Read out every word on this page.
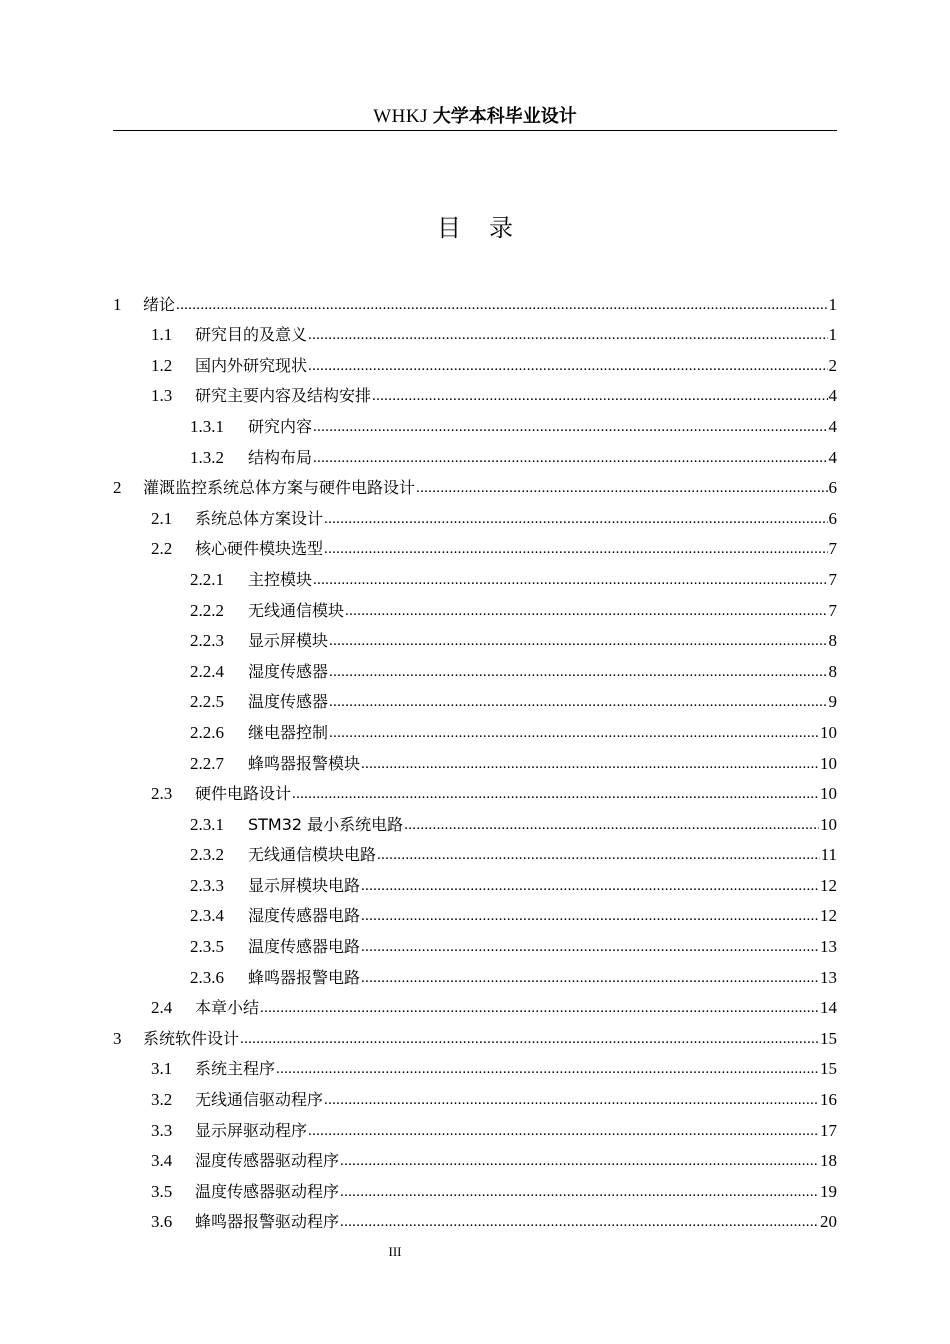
WHKJ 大学本科毕业设计
目录
1	绪论 .....	1
1.1	研究目的及意义 .....	1
1.2	国内外研究现状 .....	2
1.3	研究主要内容及结构安排 .....	4
1.3.1	研究内容 .....	4
1.3.2	结构布局 .....	4
2	灌溉监控系统总体方案与硬件电路设计 .....	6
2.1	系统总体方案设计 .....	6
2.2	核心硬件模块选型 .....	7
2.2.1	主控模块 .....	7
2.2.2	无线通信模块 .....	7
2.2.3	显示屏模块 .....	8
2.2.4	湿度传感器 .....	8
2.2.5	温度传感器 .....	9
2.2.6	继电器控制 .....	10
2.2.7	蜂鸣器报警模块 .....	10
2.3	硬件电路设计 .....	10
2.3.1	STM32 最小系统电路 .....	10
2.3.2	无线通信模块电路 .....	11
2.3.3	显示屏模块电路 .....	12
2.3.4	湿度传感器电路 .....	12
2.3.5	温度传感器电路 .....	13
2.3.6	蜂鸣器报警电路 .....	13
2.4	本章小结 .....	14
3	系统软件设计 .....	15
3.1	系统主程序 .....	15
3.2	无线通信驱动程序 .....	16
3.3	显示屏驱动程序 .....	17
3.4	湿度传感器驱动程序 .....	18
3.5	温度传感器驱动程序 .....	19
3.6	蜂鸣器报警驱动程序 .....	20
III
